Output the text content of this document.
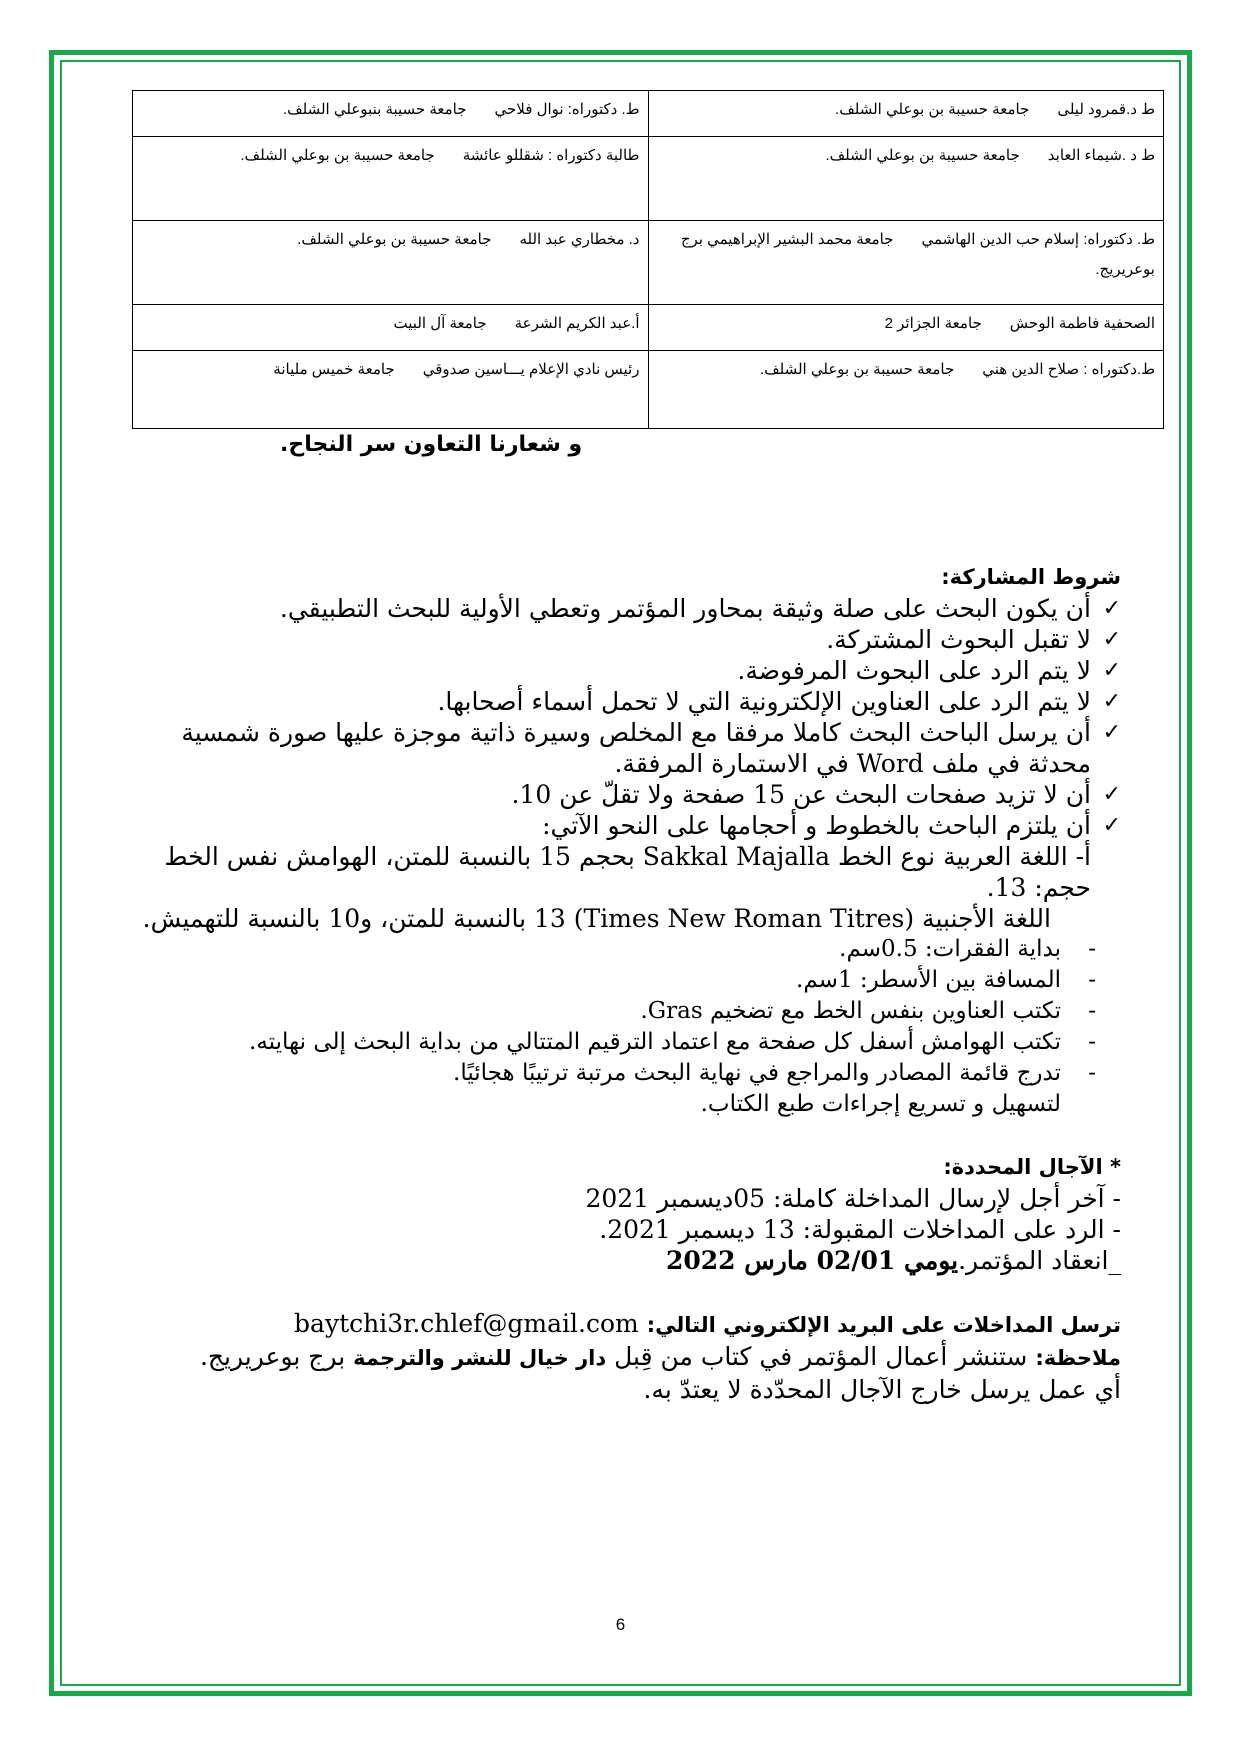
ط د.قمرود ليلىجامعة حسيبة بن بوعلي الشلف.	ط. دكتوراه: نوال فلاحيجامعة حسيبة بنبوعلي الشلف.
ط د .شيماء العابدجامعة حسيبة بن بوعلي الشلف.	طالبة دكتوراه : شقللو عائشةجامعة حسيبة بن بوعلي الشلف.
ط. دكتوراه: إسلام حب الدين الهاشميجامعة محمد البشير الإبراهيمي برج بوعريريج.	د. مخطاري عبد اللهجامعة حسيبة بن بوعلي الشلف.
الصحفية فاطمة الوحشجامعة الجزائر 2	أ.عبد الكريم الشرعةجامعة آل البيت
ط.دكتوراه : صلاح الدين هنيجامعة حسيبة بن بوعلي الشلف.	رئيس نادي الإعلام يـــاسين صدوقيجامعة خميس مليانة
و شعارنا التعاون سر النجاح.
شروط المشاركة:
✓ أن يكون البحث على صلة وثيقة بمحاور المؤتمر وتعطي الأولية للبحث التطبيقي.
✓ لا تقبل البحوث المشتركة.
✓ لا يتم الرد على البحوث المرفوضة.
✓ لا يتم الرد على العناوين الإلكترونية التي لا تحمل أسماء أصحابها.
✓ أن يرسل الباحث البحث كاملا مرفقا مع المخلص وسيرة ذاتية موجزة عليها صورة شمسية محدثة في ملف Word في الاستمارة المرفقة.
✓ أن لا تزيد صفحات البحث عن 15 صفحة ولا تقلّ عن 10.
✓ أن يلتزم الباحث بالخطوط و أحجامها على النحو الآتي:
أ- اللغة العربية نوع الخط Sakkal Majalla بحجم 15 بالنسبة للمتن، الهوامش نفس الخط حجم: 13.
اللغة الأجنبية (Times New Roman Titres) 13 بالنسبة للمتن، و10 بالنسبة للتهميش.
- بداية الفقرات: 0.5سم.
- المسافة بين الأسطر: 1سم.
- تكتب العناوين بنفس الخط مع تضخيم Gras.
- تكتب الهوامش أسفل كل صفحة مع اعتماد الترقيم المتتالي من بداية البحث إلى نهايته.
- تدرج قائمة المصادر والمراجع في نهاية البحث مرتبة ترتيبًا هجائيًا.
لتسهيل و تسريع إجراءات طبع الكتاب.
* الآجال المحددة:
- آخر أجل لإرسال المداخلة كاملة: 05ديسمبر 2021
- الرد على المداخلات المقبولة: 13 ديسمبر 2021.
_انعقاد المؤتمر.يومي 02/01 مارس 2022
ترسل المداخلات على البريد الإلكتروني التالي: baytchi3r.chlef@gmail.com
ملاحظة: ستنشر أعمال المؤتمر في كتاب من قِبل دار خيال للنشر والترجمة برج بوعريريج.
أي عمل يرسل خارج الآجال المحدّدة لا يعتدّ به.
6
